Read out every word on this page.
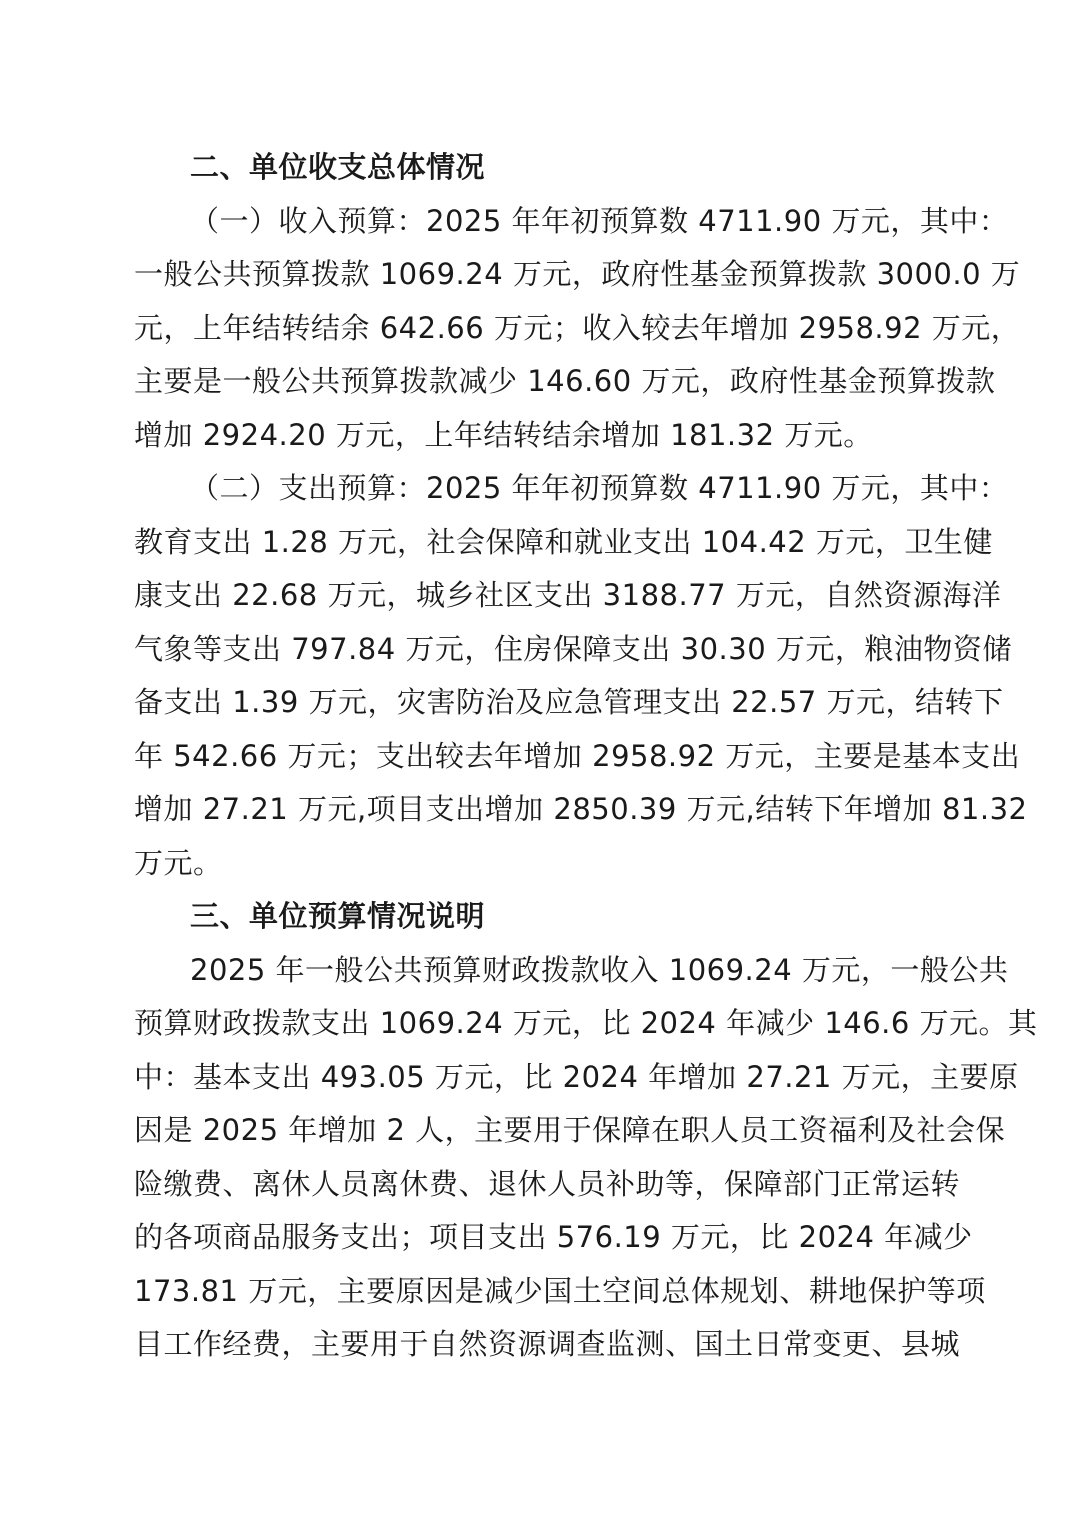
二、单位收支总体情况
（一）收入预算：2025 年年初预算数 4711.90 万元，其中：
一般公共预算拨款 1069.24 万元，政府性基金预算拨款 3000.0 万
元，上年结转结余 642.66 万元；收入较去年增加 2958.92 万元，
主要是一般公共预算拨款减少 146.60 万元，政府性基金预算拨款
增加 2924.20 万元，上年结转结余增加 181.32 万元。
（二）支出预算：2025 年年初预算数 4711.90 万元，其中：
教育支出 1.28 万元，社会保障和就业支出 104.42 万元，卫生健
康支出 22.68 万元，城乡社区支出 3188.77 万元，自然资源海洋
气象等支出 797.84 万元，住房保障支出 30.30 万元，粮油物资储
备支出 1.39 万元，灾害防治及应急管理支出 22.57 万元，结转下
年 542.66 万元；支出较去年增加 2958.92 万元，主要是基本支出
增加 27.21 万元,项目支出增加 2850.39 万元,结转下年增加 81.32
万元。
三、单位预算情况说明
2025 年一般公共预算财政拨款收入 1069.24 万元，一般公共
预算财政拨款支出 1069.24 万元，比 2024 年减少 146.6 万元。其
中：基本支出 493.05 万元，比 2024 年增加 27.21 万元，主要原
因是 2025 年增加 2 人，主要用于保障在职人员工资福利及社会保
险缴费、离休人员离休费、退休人员补助等，保障部门正常运转
的各项商品服务支出；项目支出 576.19 万元，比 2024 年减少
173.81 万元，主要原因是减少国土空间总体规划、耕地保护等项
目工作经费，主要用于自然资源调查监测、国土日常变更、县城
